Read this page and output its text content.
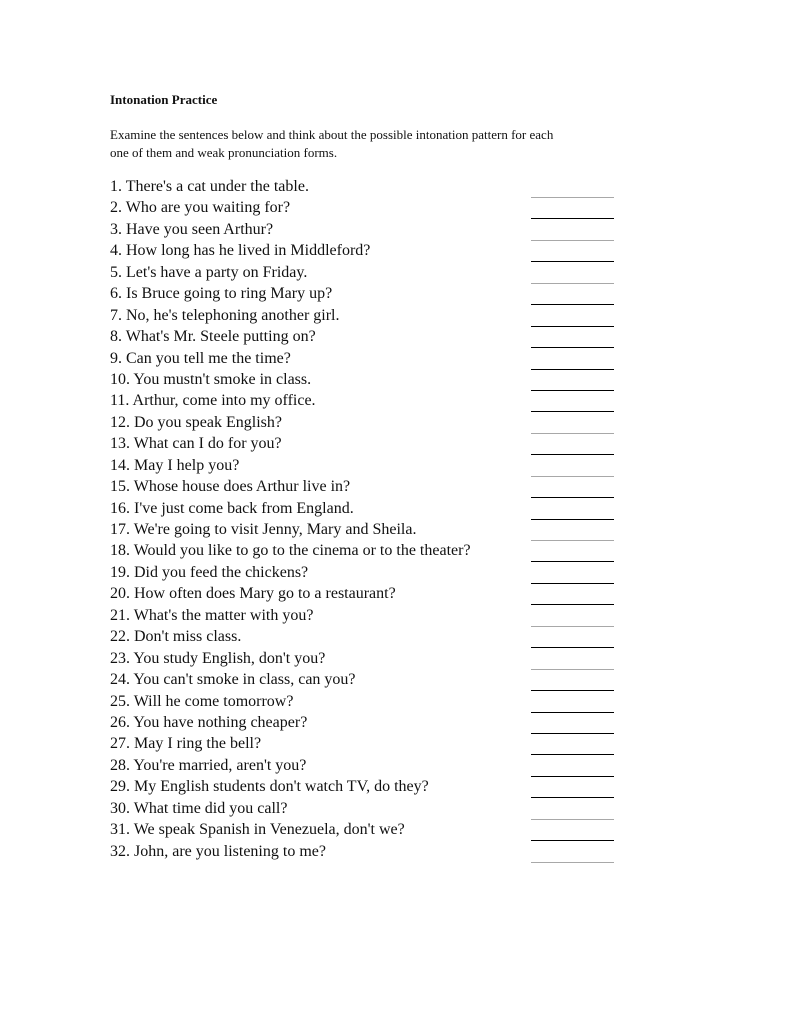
Intonation Practice
Examine the sentences below and think about the possible intonation pattern for each
one of them and weak pronunciation forms.
1. There's a cat under the table.
2. Who are you waiting for?
3. Have you seen Arthur?
4. How long has he lived in Middleford?
5. Let's have a party on Friday.
6. Is Bruce going to ring Mary up?
7. No, he's telephoning another girl.
8. What's Mr. Steele putting on?
9. Can you tell me the time?
10. You mustn't smoke in class.
11. Arthur, come into my office.
12. Do you speak English?
13. What can I do for you?
14. May I help you?
15. Whose house does Arthur live in?
16. I've just come back from England.
17. We're going to visit Jenny, Mary and Sheila.
18. Would you like to go to the cinema or to the theater?
19. Did you feed the chickens?
20. How often does Mary go to a restaurant?
21. What's the matter with you?
22. Don't miss class.
23. You study English, don't you?
24. You can't smoke in class, can you?
25. Will he come tomorrow?
26. You have nothing cheaper?
27. May I ring the bell?
28. You're married, aren't you?
29. My English students don't watch TV, do they?
30. What time did you call?
31. We speak Spanish in Venezuela, don't we?
32. John, are you listening to me?
